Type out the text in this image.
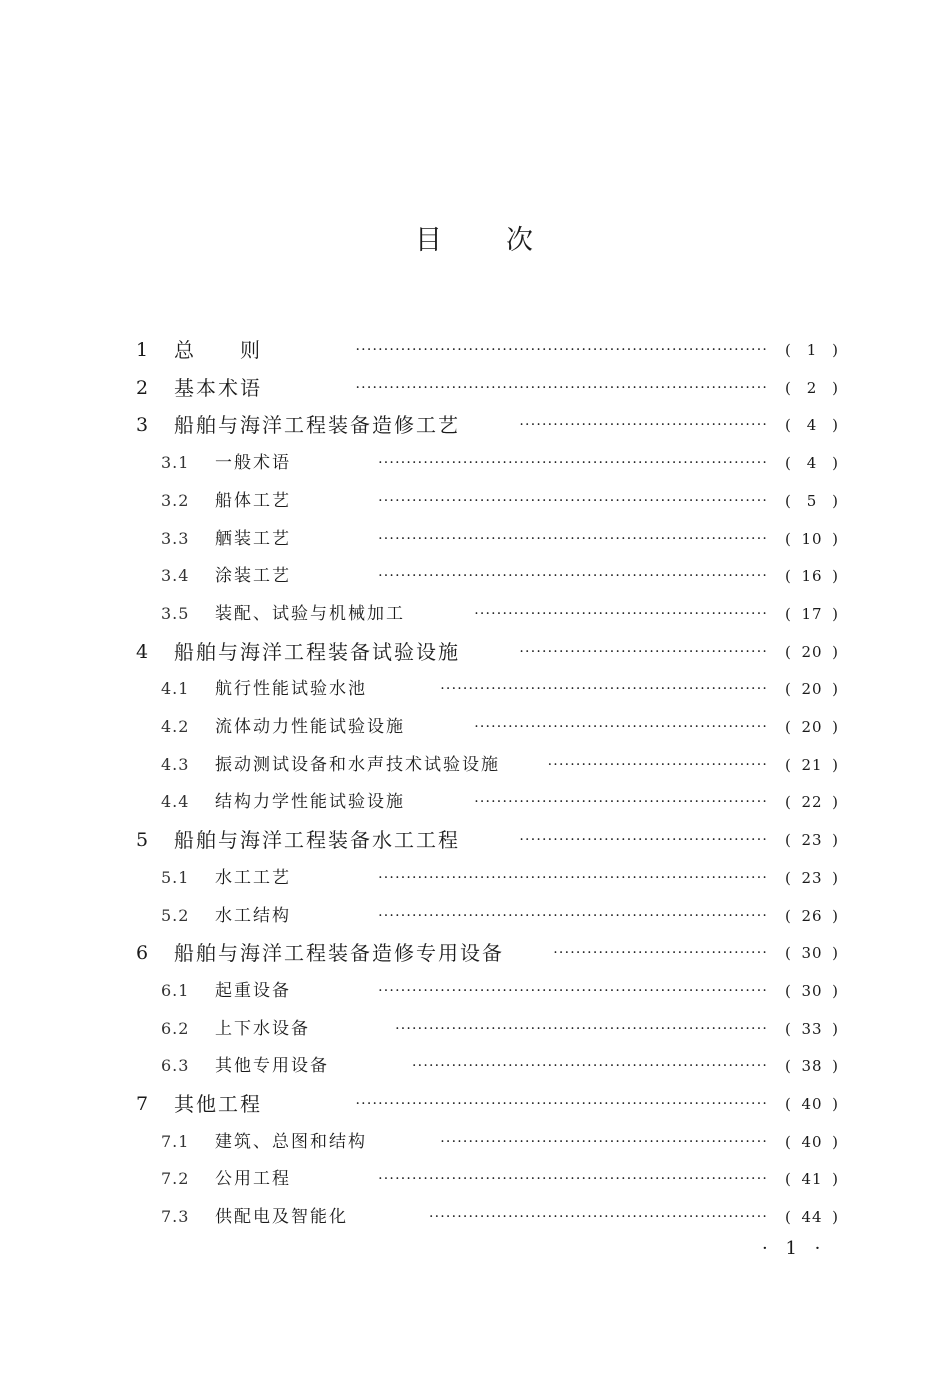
目 次
1 总　　则	········································································· ( 1 )
2 基本术语	········································································· ( 2 )
3 船舶与海洋工程装备造修工艺	············································ ( 4 )
3.1 一般术语	····································································· ( 4 )
3.2 船体工艺	····································································· ( 5 )
3.3 舾装工艺	····································································· ( 10 )
3.4 涂装工艺	····································································· ( 16 )
3.5 装配、试验与机械加工	···················································· ( 17 )
4 船舶与海洋工程装备试验设施	············································ ( 20 )
4.1 航行性能试验水池	·························································· ( 20 )
4.2 流体动力性能试验设施	···················································· ( 20 )
4.3 振动测试设备和水声技术试验设施	······································· ( 21 )
4.4 结构力学性能试验设施	···················································· ( 22 )
5 船舶与海洋工程装备水工工程	············································ ( 23 )
5.1 水工工艺	····································································· ( 23 )
5.2 水工结构	····································································· ( 26 )
6 船舶与海洋工程装备造修专用设备	······································ ( 30 )
6.1 起重设备	····································································· ( 30 )
6.2 上下水设备	·································································· ( 33 )
6.3 其他专用设备	······························································· ( 38 )
7 其他工程	········································································· ( 40 )
7.1 建筑、总图和结构	·························································· ( 40 )
7.2 公用工程	····································································· ( 41 )
7.3 供配电及智能化	···························································· ( 44 )
· 1 ·
